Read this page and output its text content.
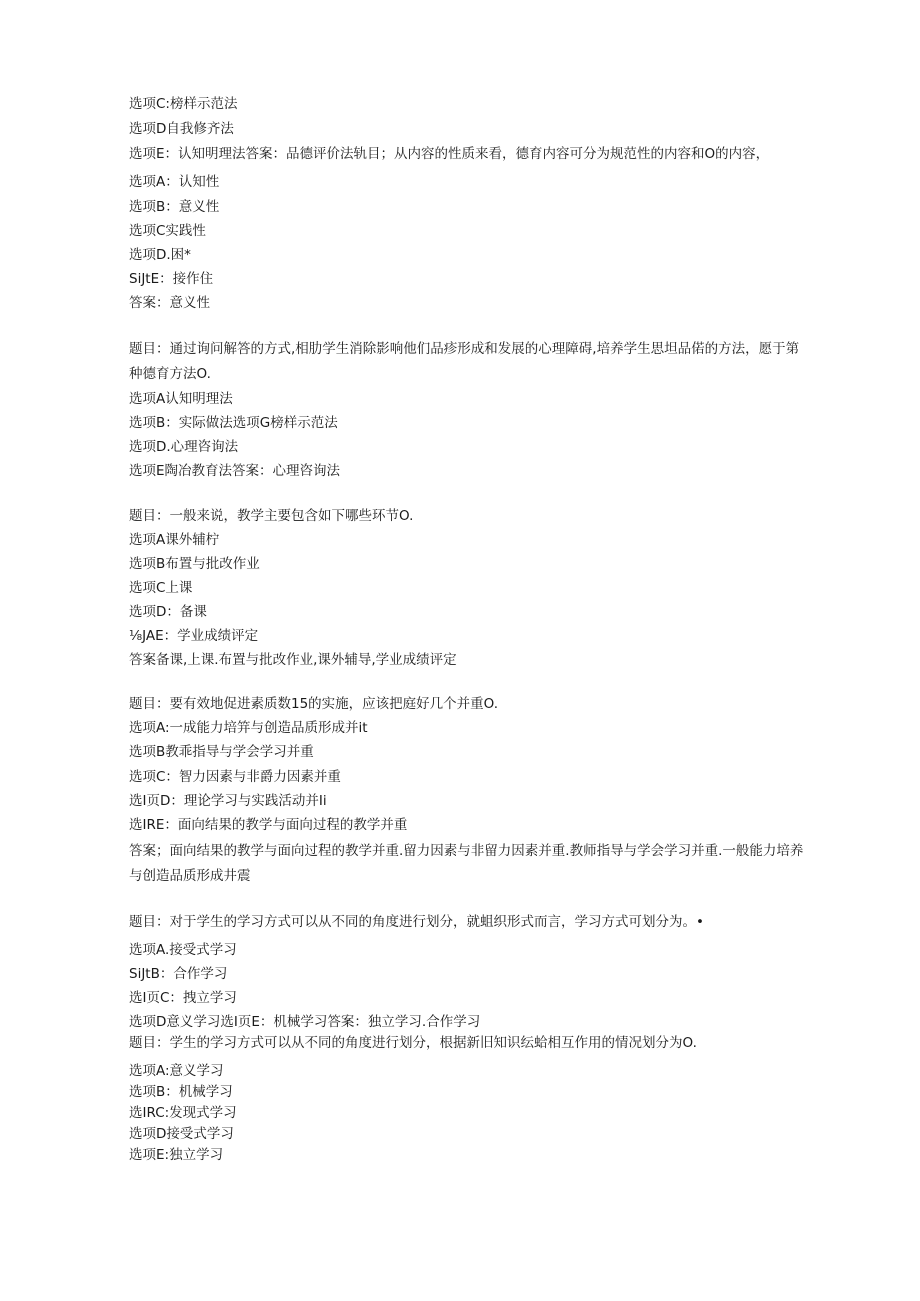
选项C:榜样示范法
选项D自我修齐法
选项E：认知明理法答案：品德评价法轨目；从内容的性质来看，德育内容可分为规范性的内容和O的内容，
选项A：认知性
选项B：意义性
选项C实践性
选项D.困*
SiJtE：接作住
答案：意义性
题目：通过询问解答的方式,相肋学生消除影响他们品疹形成和发展的心理障碍,培养学生思坦品偌的方法，愿于第种德育方法O.
选项A认知明理法
选项B：实际做法选项G榜样示范法
选项D.心理咨询法
选项E陶冶教育法答案：心理咨询法
题目：一般来说，教学主要包含如下哪些环节O.
选项A课外辅柠
选项B布置与批改作业
选项C上课
选项D：备课
⅛JAE：学业成绩评定
答案备课,上课.布置与批改作业,课外辅导,学业成绩评定
题目：要有效地促进素质数15的实施，应该把庭好几个并重O.
选项A:一成能力培笄与创造品质形成并it
选项B教乖指导与学会学习并重
选项C：智力因素与非爵力因素并重
选I页D：理论学习与实践活动并Ii
选IRE：面向结果的教学与面向过程的教学并重
答案；面向结果的教学与面向过程的教学并重.留力因素与非留力因素并重.教师指导与学会学习并重.一般能力培养与创造品质形成井震
题目：对于学生的学习方式可以从不同的角度进行划分，就蛆织形式而言，学习方式可划分为。•
选项A.接受式学习
SiJtB：合作学习
选I页C：拽立学习
选项D意义学习选I页E：机械学习答案：独立学习.合作学习
题目：学生的学习方式可以从不同的角度进行划分，根据新旧知识纭蛤相互作用的情况划分为O.
选项A:意义学习
选项B：机械学习
选IRC:发现式学习
选项D接受式学习
选项E:独立学习
